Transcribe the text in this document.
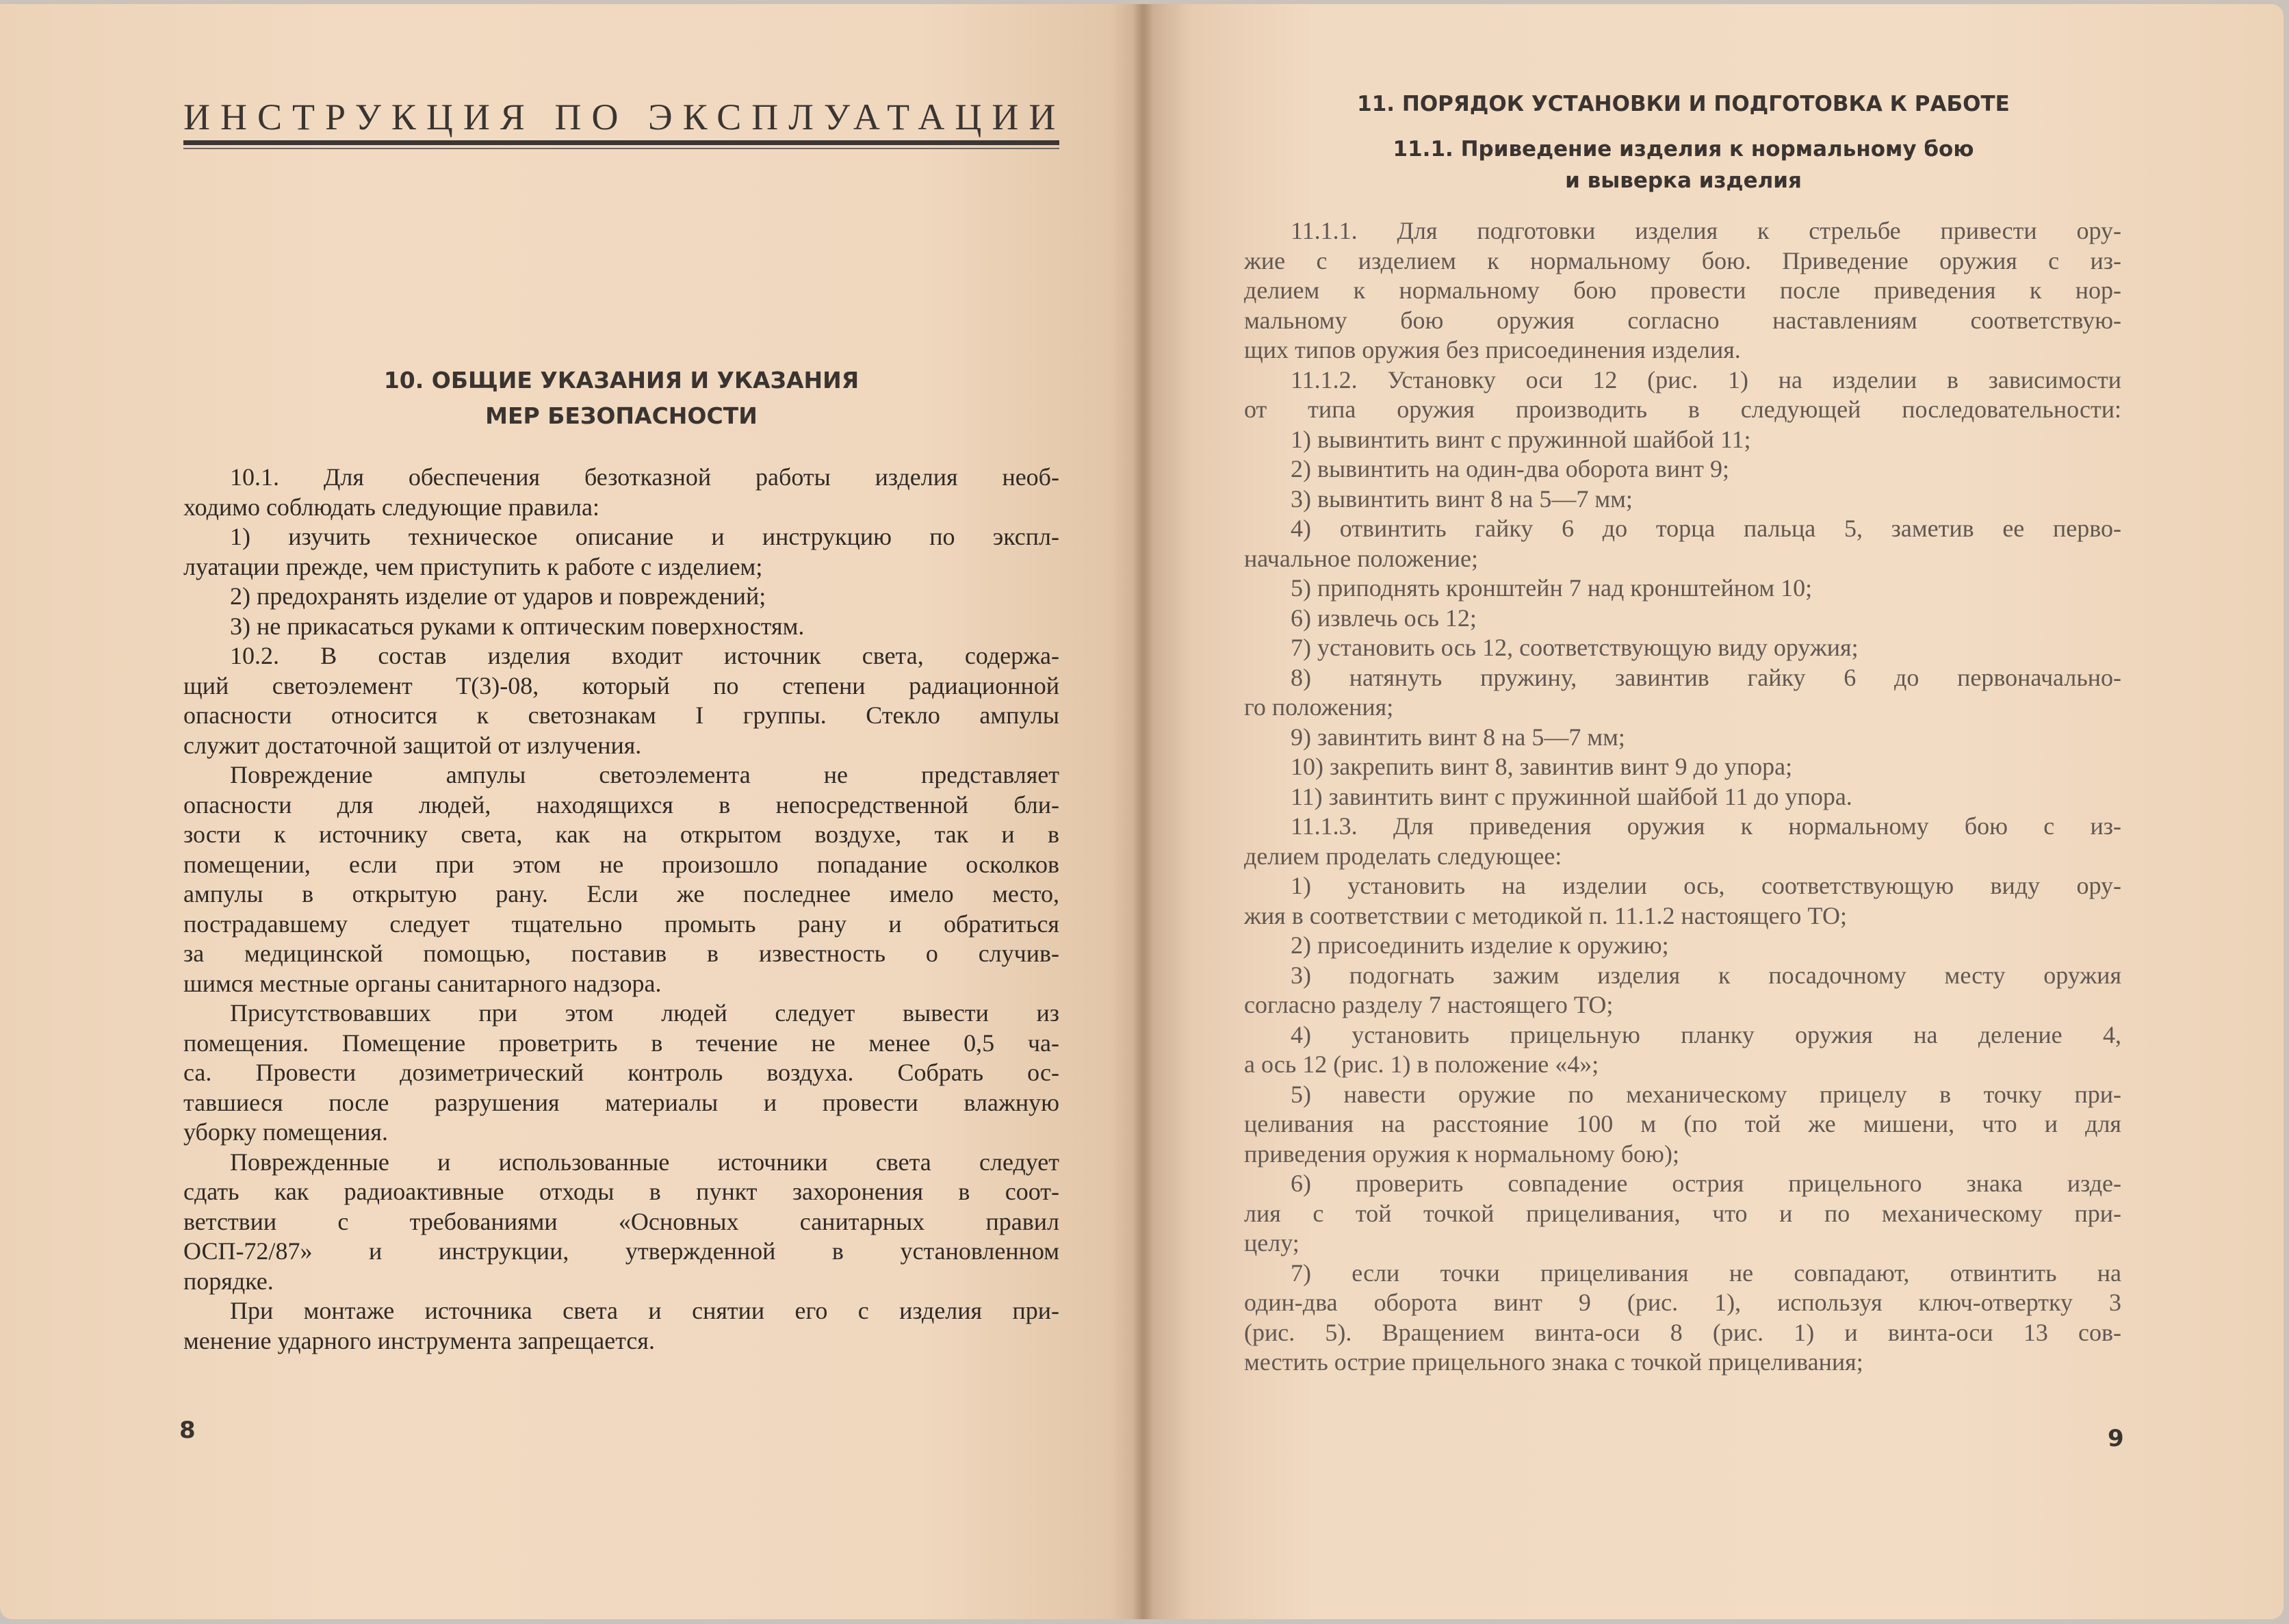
ИНСТРУКЦИЯ ПО ЭКСПЛУАТАЦИИ
10. ОБЩИЕ УКАЗАНИЯ И УКАЗАНИЯ
МЕР БЕЗОПАСНОСТИ
10.1. Для обеспечения безотказной работы изделия необ-
ходимо соблюдать следующие правила:
1) изучить техническое описание и инструкцию по экспл-
луатации прежде, чем приступить к работе с изделием;
2) предохранять изделие от ударов и повреждений;
3) не прикасаться руками к оптическим поверхностям.
10.2. В состав изделия входит источник света, содержа-
щий светоэлемент Т(3)-08, который по степени радиационной
опасности относится к светознакам I группы. Стекло ампулы
служит достаточной защитой от излучения.
Повреждение ампулы светоэлемента не представляет
опасности для людей, находящихся в непосредственной бли-
зости к источнику света, как на открытом воздухе, так и в
помещении, если при этом не произошло попадание осколков
ампулы в открытую рану. Если же последнее имело место,
пострадавшему следует тщательно промыть рану и обратиться
за медицинской помощью, поставив в известность о случив-
шимся местные органы санитарного надзора.
Присутствовавших при этом людей следует вывести из
помещения. Помещение проветрить в течение не менее 0,5 ча-
са. Провести дозиметрический контроль воздуха. Собрать ос-
тавшиеся после разрушения материалы и провести влажную
уборку помещения.
Поврежденные и использованные источники света следует
сдать как радиоактивные отходы в пункт захоронения в соот-
ветствии с требованиями «Основных санитарных правил
ОСП-72/87» и инструкции, утвержденной в установленном
порядке.
При монтаже источника света и снятии его с изделия при-
менение ударного инструмента запрещается.
8
11. ПОРЯДОК УСТАНОВКИ И ПОДГОТОВКА К РАБОТЕ
11.1. Приведение изделия к нормальному бою
и выверка изделия
11.1.1. Для подготовки изделия к стрельбе привести ору-
жие с изделием к нормальному бою. Приведение оружия с из-
делием к нормальному бою провести после приведения к нор-
мальному бою оружия согласно наставлениям соответствую-
щих типов оружия без присоединения изделия.
11.1.2. Установку оси 12 (рис. 1) на изделии в зависимости
от типа оружия производить в следующей последовательности:
1) вывинтить винт с пружинной шайбой 11;
2) вывинтить на один-два оборота винт 9;
3) вывинтить винт 8 на 5—7 мм;
4) отвинтить гайку 6 до торца пальца 5, заметив ее перво-
начальное положение;
5) приподнять кронштейн 7 над кронштейном 10;
6) извлечь ось 12;
7) установить ось 12, соответствующую виду оружия;
8) натянуть пружину, завинтив гайку 6 до первоначально-
го положения;
9) завинтить винт 8 на 5—7 мм;
10) закрепить винт 8, завинтив винт 9 до упора;
11) завинтить винт с пружинной шайбой 11 до упора.
11.1.3. Для приведения оружия к нормальному бою с из-
делием проделать следующее:
1) установить на изделии ось, соответствующую виду ору-
жия в соответствии с методикой п. 11.1.2 настоящего ТО;
2) присоединить изделие к оружию;
3) подогнать зажим изделия к посадочному месту оружия
согласно разделу 7 настоящего ТО;
4) установить прицельную планку оружия на деление 4,
а ось 12 (рис. 1) в положение «4»;
5) навести оружие по механическому прицелу в точку при-
целивания на расстояние 100 м (по той же мишени, что и для
приведения оружия к нормальному бою);
6) проверить совпадение острия прицельного знака изде-
лия с той точкой прицеливания, что и по механическому при-
целу;
7) если точки прицеливания не совпадают, отвинтить на
один-два оборота винт 9 (рис. 1), используя ключ-отвертку 3
(рис. 5). Вращением винта-оси 8 (рис. 1) и винта-оси 13 сов-
местить острие прицельного знака с точкой прицеливания;
9
